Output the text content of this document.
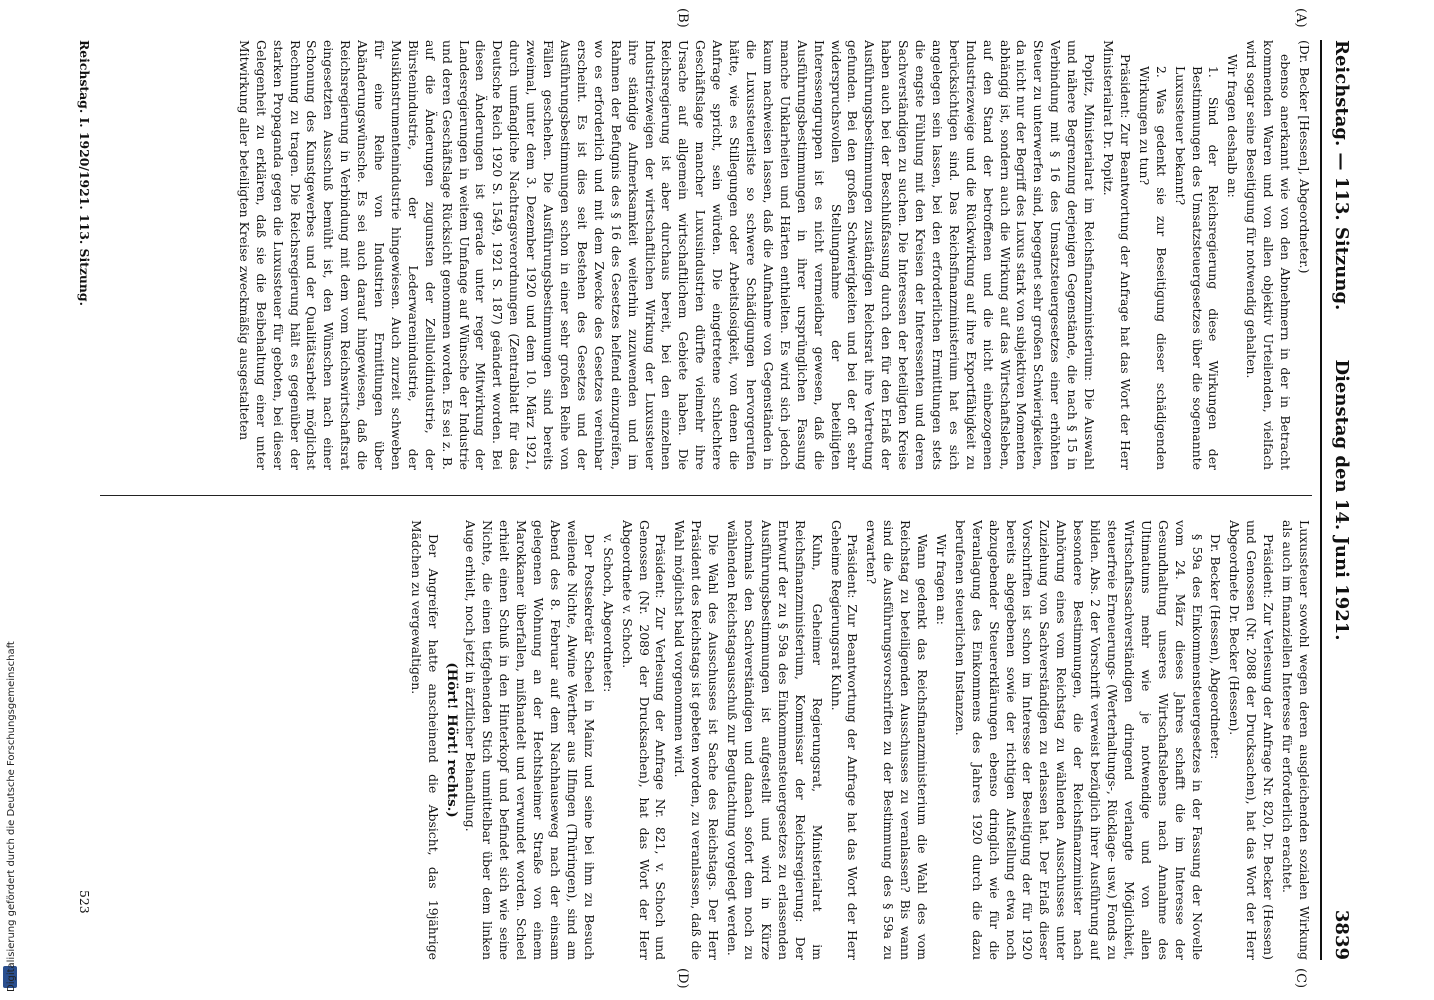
Digitalisierung gefördert durch die Deutsche Forschungsgemeinschaft
Reichstag. — 113. Sitzung.
Dienstag den 14. Juni 1921.
3839
(A)
(B)
(C)
(D)

(Dr. Becker [Hessen], Abgeordneter.)

ebenso anerkannt wie von den Abnehmern in der in Betracht kommenden Waren und von allen objektiv Urteilenden, vielfach wird sogar seine Beseitigung für notwendig gehalten.

Wir fragen deshalb an:

1. Sind der Reichsregierung diese Wirkungen der Bestimmungen des Umsatzsteuergesetzes über die sogenannte Luxussteuer bekannt?

2. Was gedenkt sie zur Beseitigung dieser schädigenden Wirkungen zu tun?

Präsident: Zur Beantwortung der Anfrage hat das Wort der Herr Ministerialrat Dr. Popitz.

Popitz, Ministerialrat im Reichsfinanzministerium: Die Auswahl und nähere Begrenzung derjenigen Gegenstände, die nach § 15 in Verbindung mit § 16 des Umsatzsteuergesetzes einer erhöhten Steuer zu unterwerfen sind, begegnet sehr großen Schwierigkeiten, da nicht nur der Begriff des Luxus stark von subjektiven Momenten abhängig ist, sondern auch die Wirkung auf das Wirtschaftsleben, auf den Stand der betroffenen und die nicht einbezogenen Industriezweige und die Rückwirkung auf ihre Exportfähigkeit zu berücksichtigen sind. Das Reichsfinanzministerium hat es sich angelegen sein lassen, bei den erforderlichen Ermittlungen stets die engste Fühlung mit den Kreisen der Interessenten und deren Sachverständigen zu suchen. Die Interessen der beteiligten Kreise haben auch bei der Beschlußfassung durch den für den Erlaß der Ausführungsbestimmungen zuständigen Reichsrat ihre Vertretung gefunden. Bei den großen Schwierigkeiten und bei der oft sehr widerspruchsvollen Stellungnahme der beteiligten Interessengruppen ist es nicht vermeidbar gewesen, daß die Ausführungsbestimmungen in ihrer ursprünglichen Fassung manche Unklarheiten und Härten enthielten. Es wird sich jedoch kaum nachweisen lassen, daß die Aufnahme von Gegenständen in die Luxussteuerliste so schwere Schädigungen hervorgerufen hätte, wie es Stillegungen oder Arbeitslosigkeit, von denen die Anfrage spricht, sein würden. Die eingetretene schlechtere Geschäftslage mancher Luxusindustrien dürfte vielmehr ihre Ursache auf allgemein wirtschaftlichem Gebiete haben. Die Reichsregierung ist aber durchaus bereit, bei den einzelnen Industriezweigen der wirtschaftlichen Wirkung der Luxussteuer ihre ständige Aufmerksamkeit weiterhin zuzuwenden und im Rahmen der Befugnis des § 16 des Gesetzes helfend einzugreifen, wo es erforderlich und mit dem Zwecke des Gesetzes vereinbar erscheint. Es ist dies seit Bestehen des Gesetzes und der Ausführungsbestimmungen schon in einer sehr großen Reihe von Fällen geschehen. Die Ausführungsbestimmungen sind bereits zweimal, unter dem 3. Dezember 1920 und dem 10. März 1921, durch umfangliche Nachtragsverordnungen (Zentralblatt für das Deutsche Reich 1920 S. 1549, 1921 S. 187) geändert worden. Bei diesen Änderungen ist gerade unter reger Mitwirkung der Landesregierungen in weitem Umfange auf Wünsche der Industrie und deren Geschäftslage Rücksicht genommen worden. Es sei z. B. auf die Änderungen zugunsten der Zelluloidindustrie, der Bürstenindustrie, der Lederwarenindustrie, der Musikinstrumentenindustrie hingewiesen. Auch zurzeit schweben für eine Reihe von Industrien Ermittlungen über Abänderungswünsche. Es sei auch darauf hingewiesen, daß die Reichsregierung in Verbindung mit dem vom Reichswirtschaftsrat eingesetzten Ausschuß bemüht ist, den Wünschen nach einer Schonung des Kunstgewerbes und der Qualitätsarbeit möglichst Rechnung zu tragen. Die Reichsregierung hält es gegenüber der starken Propaganda gegen die Luxussteuer für geboten, bei dieser Gelegenheit zu erklären, daß sie die Beibehaltung einer unter Mitwirkung aller beteiligten Kreise zweckmäßig ausgestalteten

Luxussteuer sowohl wegen deren ausgleichenden sozialen Wirkung als auch im finanziellen Interesse für erforderlich erachtet.

Präsident: Zur Verlesung der Anfrage Nr. 820, Dr. Becker (Hessen) und Genossen (Nr. 2088 der Drucksachen), hat das Wort der Herr Abgeordnete Dr. Becker (Hessen).

Dr. Becker (Hessen), Abgeordneter:

§ 59a des Einkommensteuergesetzes in der Fassung der Novelle vom 24. März dieses Jahres schafft die im Interesse der Gesundhaltung unseres Wirtschaftslebens nach Annahme des Ultimatums mehr wie je notwendige und von allen Wirtschaftssachverständigen dringend verlangte Möglichkeit, steuerfreie Erneuerungs- (Werterhaltungs-, Rücklage- usw.) Fonds zu bilden. Abs. 2 der Vorschrift verweist bezüglich ihrer Ausführung auf besondere Bestimmungen, die der Reichsfinanzminister nach Anhörung eines vom Reichstag zu wählenden Ausschusses unter Zuziehung von Sachverständigen zu erlassen hat. Der Erlaß dieser Vorschriften ist schon im Interesse der Beseitigung der für 1920 bereits abgegebenen sowie der richtigen Aufstellung etwa noch abzugebender Steuererklärungen ebenso dringlich wie für die Veranlagung des Einkommens des Jahres 1920 durch die dazu berufenen steuerlichen Instanzen.

Wir fragen an:

Wann gedenkt das Reichsfinanzministerium die Wahl des vom Reichstag zu beteiligenden Ausschusses zu veranlassen? Bis wann sind die Ausführungsvorschriften zu der Bestimmung des § 59a zu erwarten?

Präsident: Zur Beantwortung der Anfrage hat das Wort der Herr Geheime Regierungsrat Kuhn.

Kuhn, Geheimer Regierungsrat, Ministerialrat im Reichsfinanzministerium, Kommissar der Reichsregierung: Der Entwurf der zu § 59a des Einkommensteuergesetzes zu erlassenden Ausführungsbestimmungen ist aufgestellt und wird in Kürze nochmals den Sachverständigen und danach sofort dem noch zu wählenden Reichstagsausschuß zur Begutachtung vorgelegt werden.

Die Wahl des Ausschusses ist Sache des Reichstags. Der Herr Präsident des Reichstags ist gebeten worden, zu veranlassen, daß die Wahl möglichst bald vorgenommen wird.

Präsident: Zur Verlesung der Anfrage Nr. 821, v. Schoch und Genossen (Nr. 2089 der Drucksachen), hat das Wort der Herr Abgeordnete v. Schoch.

v. Schoch, Abgeordneter:

Der Postsekretär Scheel in Mainz und seine bei ihm zu Besuch weilende Nichte, Alwine Werther aus Ilfingen (Thüringen), sind am Abend des 8. Februar auf dem Nachhauseweg nach der einsam gelegenen Wohnung an der Hechtsheimer Straße von einem Marokkaner überfallen, mißhandelt und verwundet worden. Scheel erhielt einen Schuß in den Hinterkopf und befindet sich wie seine Nichte, die einen tiefgehenden Stich unmittelbar über dem linken Auge erhielt, noch jetzt in ärztlicher Behandlung.

(Hört! Hört! rechts.)

Der Angreifer hatte anscheinend die Absicht, das 19jährige Mädchen zu vergewaltigen.

Reichstag. I. 1920/1921. 113. Sitzung.
523
